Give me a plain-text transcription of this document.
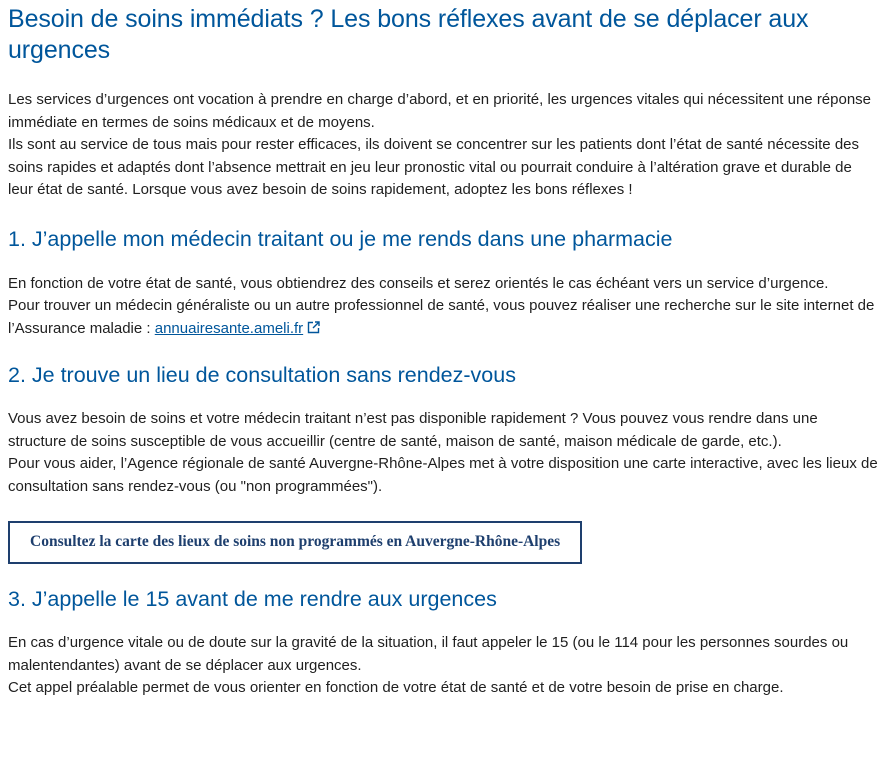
Besoin de soins immédiats ? Les bons réflexes avant de se déplacer aux urgences

Les services d’urgences ont vocation à prendre en charge d’abord, et en priorité, les urgences vitales qui nécessitent une réponse immédiate en termes de soins médicaux et de moyens.

Ils sont au service de tous mais pour rester efficaces, ils doivent se concentrer sur les patients dont l’état de santé nécessite des soins rapides et adaptés dont l’absence mettrait en jeu leur pronostic vital ou pourrait conduire à l’altération grave et durable de leur état de santé. Lorsque vous avez besoin de soins rapidement, adoptez les bons réflexes !

1. J’appelle mon médecin traitant ou je me rends dans une pharmacie

En fonction de votre état de santé, vous obtiendrez des conseils et serez orientés le cas échéant vers un service d’urgence.

Pour trouver un médecin généraliste ou un autre professionnel de santé, vous pouvez réaliser une recherche sur le site internet de l’Assurance maladie : annuairesante.ameli.fr

2. Je trouve un lieu de consultation sans rendez-vous

Vous avez besoin de soins et votre médecin traitant n’est pas disponible rapidement ? Vous pouvez vous rendre dans une structure de soins susceptible de vous accueillir (centre de santé, maison de santé, maison médicale de garde, etc.).

Pour vous aider, l’Agence régionale de santé Auvergne-Rhône-Alpes met à votre disposition une carte interactive, avec les lieux de consultation sans rendez-vous (ou "non programmées").

Consultez la carte des lieux de soins non programmés en Auvergne-Rhône-Alpes
3. J’appelle le 15 avant de me rendre aux urgences

En cas d’urgence vitale ou de doute sur la gravité de la situation, il faut appeler le 15 (ou le 114 pour les personnes sourdes ou malentendantes) avant de se déplacer aux urgences.

Cet appel préalable permet de vous orienter en fonction de votre état de santé et de votre besoin de prise en charge.
